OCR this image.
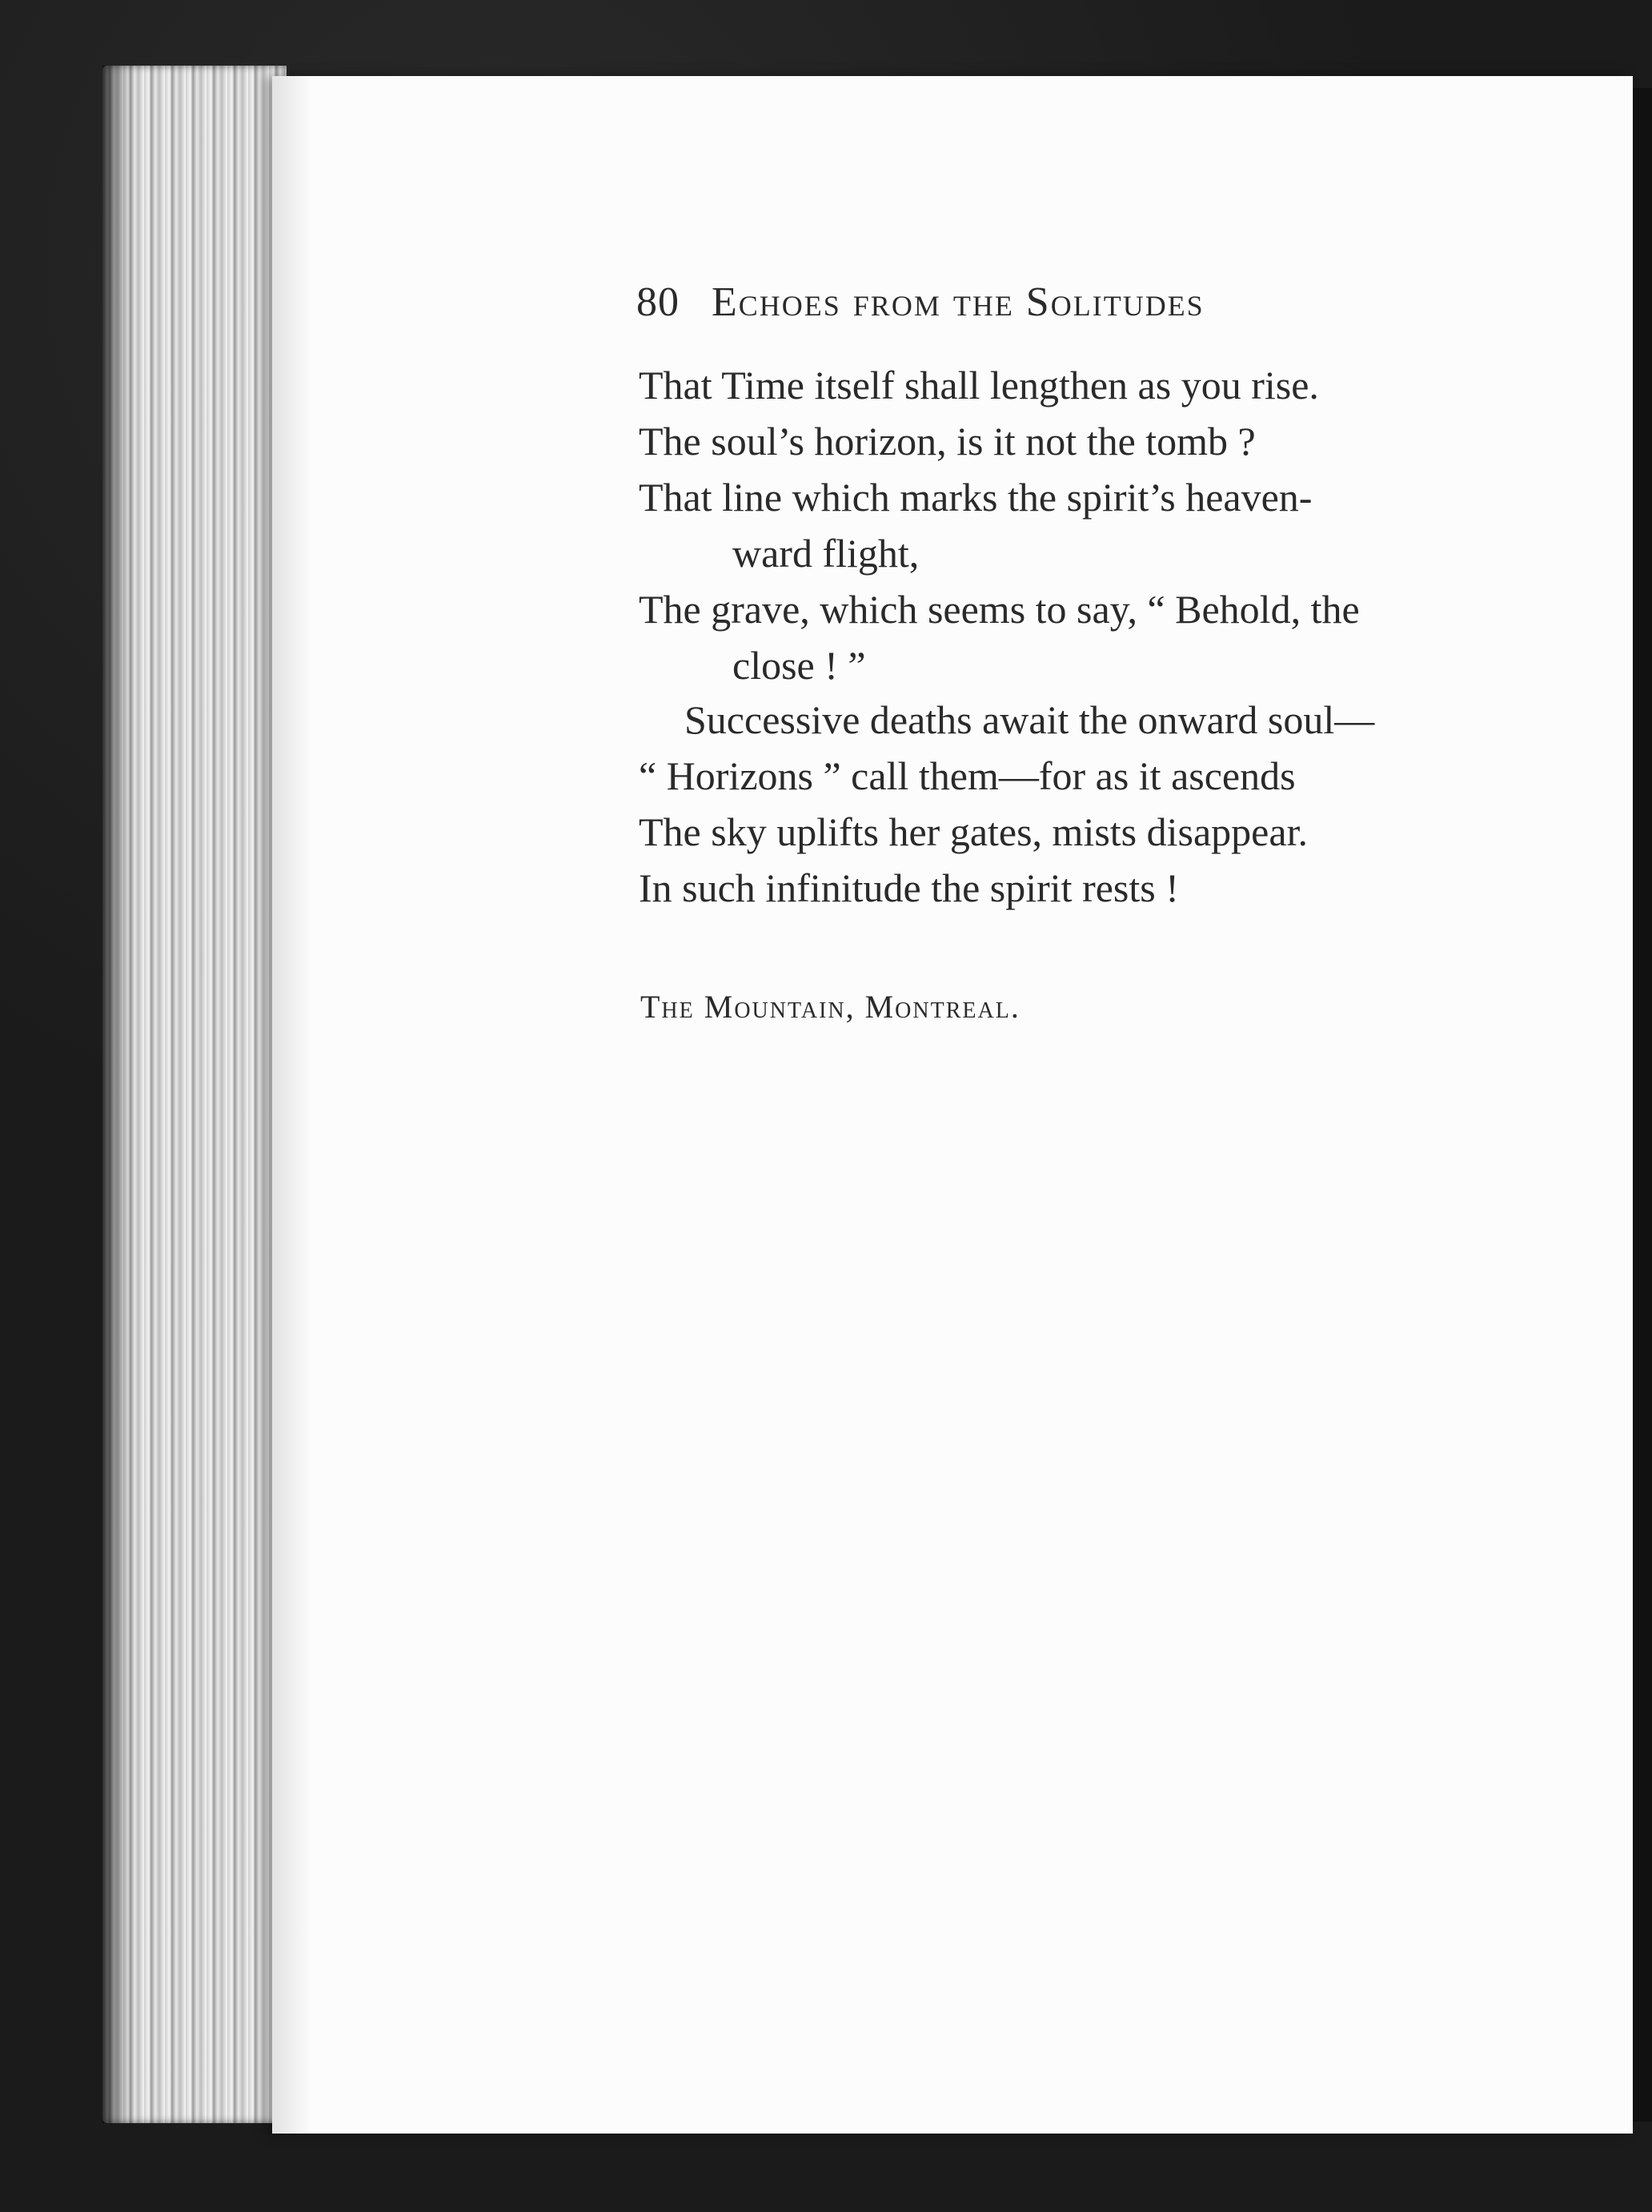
80 Echoes from the Solitudes
That Time itself shall lengthen as you rise.
The soul’s horizon, is it not the tomb ?
That line which marks the spirit’s heaven-
ward flight,
The grave, which seems to say, “ Behold, the
close ! ”
Successive deaths await the onward soul—
“ Horizons ” call them—for as it ascends
The sky uplifts her gates, mists disappear.
In such infinitude the spirit rests !
The Mountain, Montreal.
